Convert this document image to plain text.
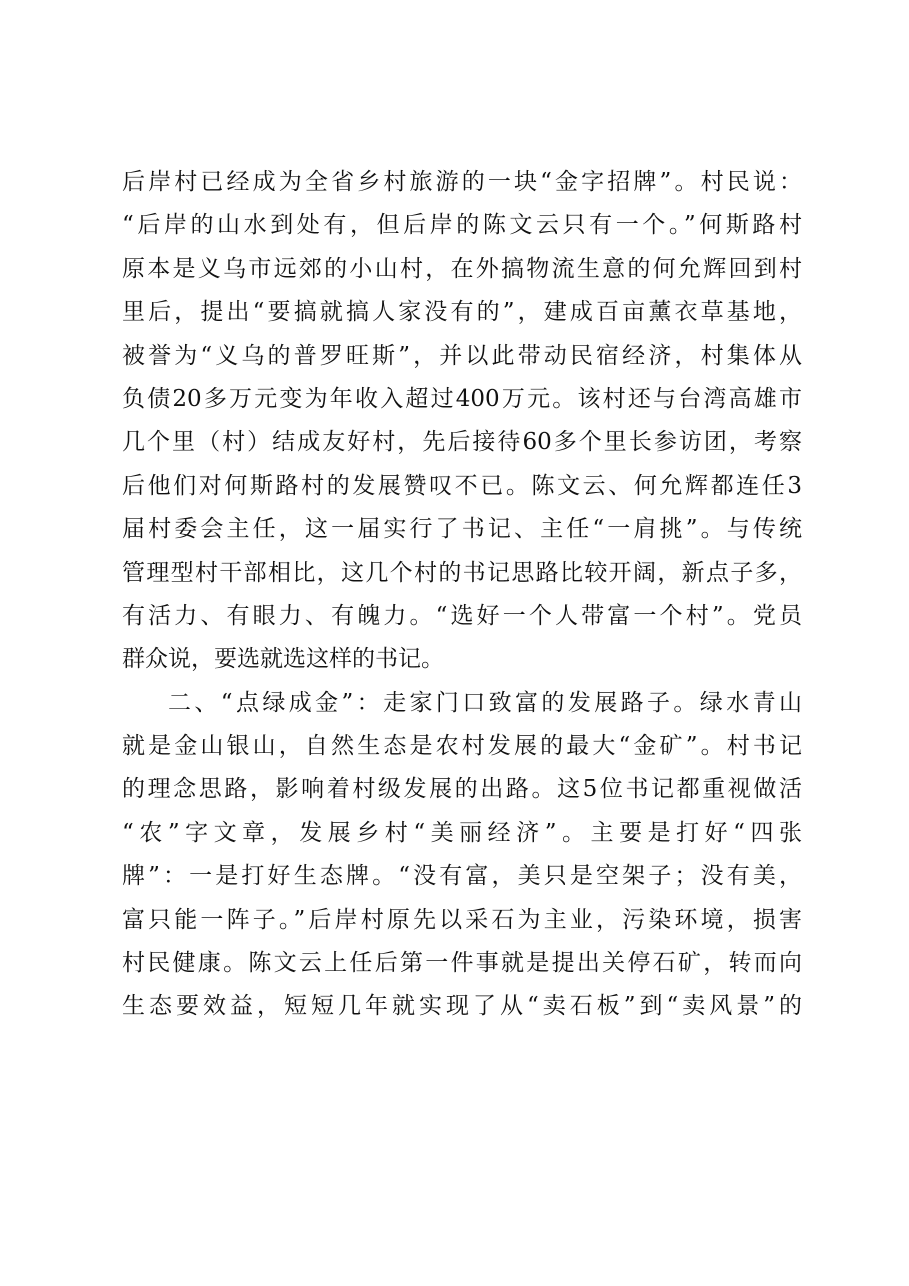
后岸村已经成为全省乡村旅游的一块“金字招牌”。村民说：
“后岸的山水到处有，但后岸的陈文云只有一个。”何斯路村
原本是义乌市远郊的小山村，在外搞物流生意的何允辉回到村
里后，提出“要搞就搞人家没有的”，建成百亩薰衣草基地，
被誉为“义乌的普罗旺斯”，并以此带动民宿经济，村集体从
负债20多万元变为年收入超过400万元。该村还与台湾高雄市
几个里（村）结成友好村，先后接待60多个里长参访团，考察
后他们对何斯路村的发展赞叹不已。陈文云、何允辉都连任3
届村委会主任，这一届实行了书记、主任“一肩挑”。与传统
管理型村干部相比，这几个村的书记思路比较开阔，新点子多，
有活力、有眼力、有魄力。“选好一个人带富一个村”。党员
群众说，要选就选这样的书记。
二、“点绿成金”：走家门口致富的发展路子。绿水青山
就是金山银山，自然生态是农村发展的最大“金矿”。村书记
的理念思路，影响着村级发展的出路。这5位书记都重视做活
“农”字文章，发展乡村“美丽经济”。主要是打好“四张
牌”：一是打好生态牌。“没有富，美只是空架子；没有美，
富只能一阵子。”后岸村原先以采石为主业，污染环境，损害
村民健康。陈文云上任后第一件事就是提出关停石矿，转而向
生态要效益，短短几年就实现了从“卖石板”到“卖风景”的
